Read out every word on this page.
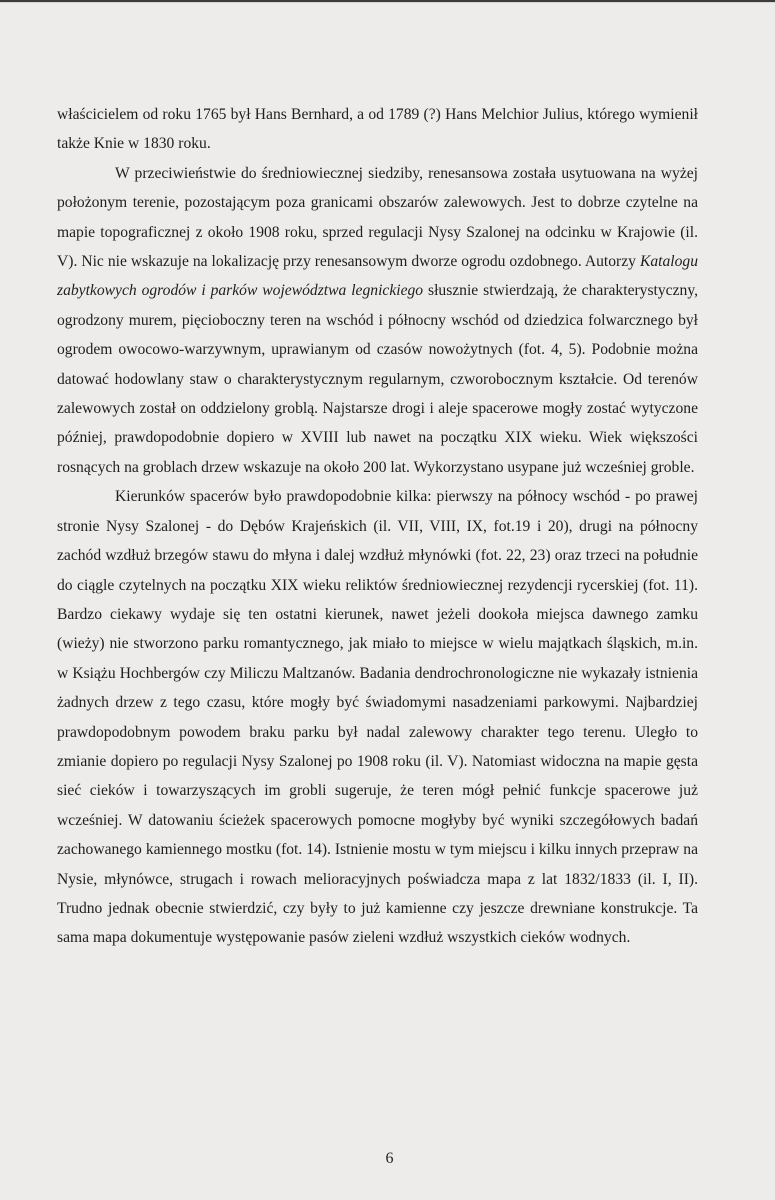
właścicielem od roku 1765 był Hans Bernhard, a od 1789 (?) Hans Melchior Julius, którego wymienił także Knie w 1830 roku.

W przeciwieństwie do średniowiecznej siedziby, renesansowa została usytuowana na wyżej położonym terenie, pozostającym poza granicami obszarów zalewowych. Jest to dobrze czytelne na mapie topograficznej z około 1908 roku, sprzed regulacji Nysy Szalonej na odcinku w Krajowie (il. V). Nic nie wskazuje na lokalizację przy renesansowym dworze ogrodu ozdobnego. Autorzy Katalogu zabytkowych ogrodów i parków województwa legnickiego słusznie stwierdzają, że charakterystyczny, ogrodzony murem, pięcioboczny teren na wschód i północny wschód od dziedzica folwarcznego był ogrodem owocowo-warzywnym, uprawianym od czasów nowożytnych (fot. 4, 5). Podobnie można datować hodowlany staw o charakterystycznym regularnym, czworobocznym kształcie. Od terenów zalewowych został on oddzielony groblą. Najstarsze drogi i aleje spacerowe mogły zostać wytyczone później, prawdopodobnie dopiero w XVIII lub nawet na początku XIX wieku. Wiek większości rosnących na groblach drzew wskazuje na około 200 lat. Wykorzystano usypane już wcześniej groble.

Kierunków spacerów było prawdopodobnie kilka: pierwszy na północy wschód - po prawej stronie Nysy Szalonej - do Dębów Krajeńskich (il. VII, VIII, IX, fot.19 i 20), drugi na północny zachód wzdłuż brzegów stawu do młyna i dalej wzdłuż młynówki (fot. 22, 23) oraz trzeci na południe do ciągle czytelnych na początku XIX wieku reliktów średniowiecznej rezydencji rycerskiej (fot. 11). Bardzo ciekawy wydaje się ten ostatni kierunek, nawet jeżeli dookoła miejsca dawnego zamku (wieży) nie stworzono parku romantycznego, jak miało to miejsce w wielu majątkach śląskich, m.in. w Książu Hochbergów czy Miliczu Maltzanów. Badania dendrochronologiczne nie wykazały istnienia żadnych drzew z tego czasu, które mogły być świadomymi nasadzeniami parkowymi. Najbardziej prawdopodobnym powodem braku parku był nadal zalewowy charakter tego terenu. Uległo to zmianie dopiero po regulacji Nysy Szalonej po 1908 roku (il. V). Natomiast widoczna na mapie gęsta sieć cieków i towarzyszących im grobli sugeruje, że teren mógł pełnić funkcje spacerowe już wcześniej. W datowaniu ścieżek spacerowych pomocne mogłyby być wyniki szczegółowych badań zachowanego kamiennego mostku (fot. 14). Istnienie mostu w tym miejscu i kilku innych przepraw na Nysie, młynówce, strugach i rowach melioracyjnych poświadcza mapa z lat 1832/1833 (il. I, II). Trudno jednak obecnie stwierdzić, czy były to już kamienne czy jeszcze drewniane konstrukcje. Ta sama mapa dokumentuje występowanie pasów zieleni wzdłuż wszystkich cieków wodnych.

6
